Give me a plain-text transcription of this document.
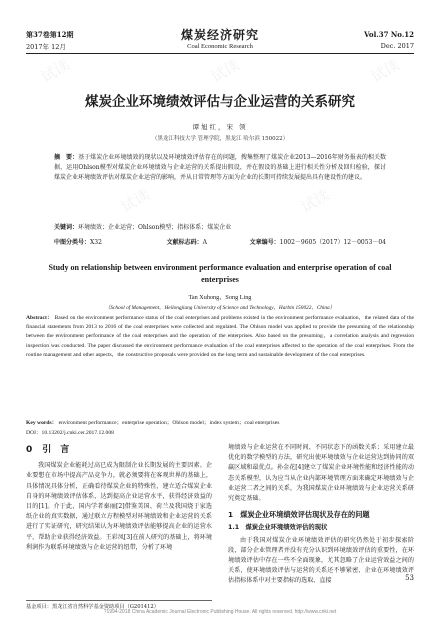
试读	试读	试读
试读	试读
试读	试读	试读
试读	试读
第37卷第12期
2017年 12月
煤炭经济研究
Coal Economic Research
Vol.37 No.12
Dec. 2017
煤炭企业环境绩效评估与企业运营的关系研究
谭旭红，宋 领
（黑龙江科技大学 管理学院，黑龙江 哈尔滨 150022）
摘　要：基于煤炭企业环境绩效的现状以及环境绩效评估存在的问题，搜集整理了煤炭企业2013—2016年财务报表的相关数据，运用Ohlson模型对煤炭企业环境绩效与企业运营的关系提出假设，并在假设的基础上进行相关性分析及回归检验，探讨煤炭企业环境绩效评估对煤炭企业运营的影响，并从日常管理等方面为企业的长期可持续发展提出具有建设性的建议。
关键词：环境绩效；企业运营；Ohlson模型；指标体系；煤炭企业
中图分类号：X32	文献标志码：A	文章编号：1002－9605（2017）12－0053－04
Study on relationship between environment performance evaluation and enterprise operation of coal enterprises
Tan Xuhong，Song Ling
（School of Management，Heilongjiang University of Science and Technology，Harbin 150022，China）
Abstract： Based on the environment performance status of the coal enterprises and problems existed in the environment performance evaluation，the related data of the financial statements from 2013 to 2016 of the coal enterprises were collected and regulated. The Ohlson model was applied to provide the presuming of the relationship between the environment performance of the coal enterprises and the operation of the enterprises. Also based on the presuming，a correlation analysis and regression inspection was conducted. The paper discussed the environment performance evaluation of the coal enterprises affected to the operation of the coal enterprises. From the routine management and other aspects，the constructive proposals were provided on the long term and sustainable development of the coal enterprises.
Key words： environment performance；enterprise operation；Ohlson model；index system；coal enterprises
DOI：10.13202/j.cnki.cer.2017.12.008
0 引　言

我国煤炭企业能耗过高已成为限制企业长期发展的主要因素。企业要想在市场中提高产品竞争力，就必须要将在客观世界的基础上，具体情况具体分析，正确看待煤炭企业的特殊性，建立适合煤炭企业自身的环境绩效评估体系，达到提高企业运营水平，获得经济效益的目的[1]。介于此，国内学者秦丽[2]借鉴美国、荷兰及我国烧于家选纸企业的真实数据，通过联立方程模型对环境绩效和企业运营的关系进行了实证研究，研究结果认为环境绩效评估能够提高企业的运营水平，帮助企业获得经济效益。王彩凤[3]在前人研究的基础上，将环境利润作为联系环境绩效与企业运营的纽带，分析了环境

境绩效与企业运营在不同时间、不同状态下的函数关系；采用建立最优化的数学模型的方法，研究出使环境绩效与企业运营达到协同的双赢区域和最优点。孙金花[4]建立了煤炭企业环境性能和经济性能的动态关系模型，认为应当从企业内部环境管理方面来确定环境绩效与企业运营二者之间的关系，为我国煤炭企业环境绩效与企业运营关系研究奠定基础。

1　煤炭企业环境绩效评估现状及存在的问题
1.1　煤炭企业环境绩效评估的现状

由于我国对煤炭企业环境绩效评估的研究仍然处于初步探索阶段，部分企业管理者并没有充分认识到环境绩效评估的重要性，在环境绩效评估中存在一些不全面现象，尤其忽略了企业运营效益之间的关系，使环境绩效评估与运营的关系还不够紧密，企业在环境绩效评估指标体系中对主要指标的选取、直接

基金项目：黑龙江省自然科学基金资助项目（G201412）
53
?1994-2018 China Academic Journal Electronic Publishing House. All rights reserved. http://www.cnki.net
